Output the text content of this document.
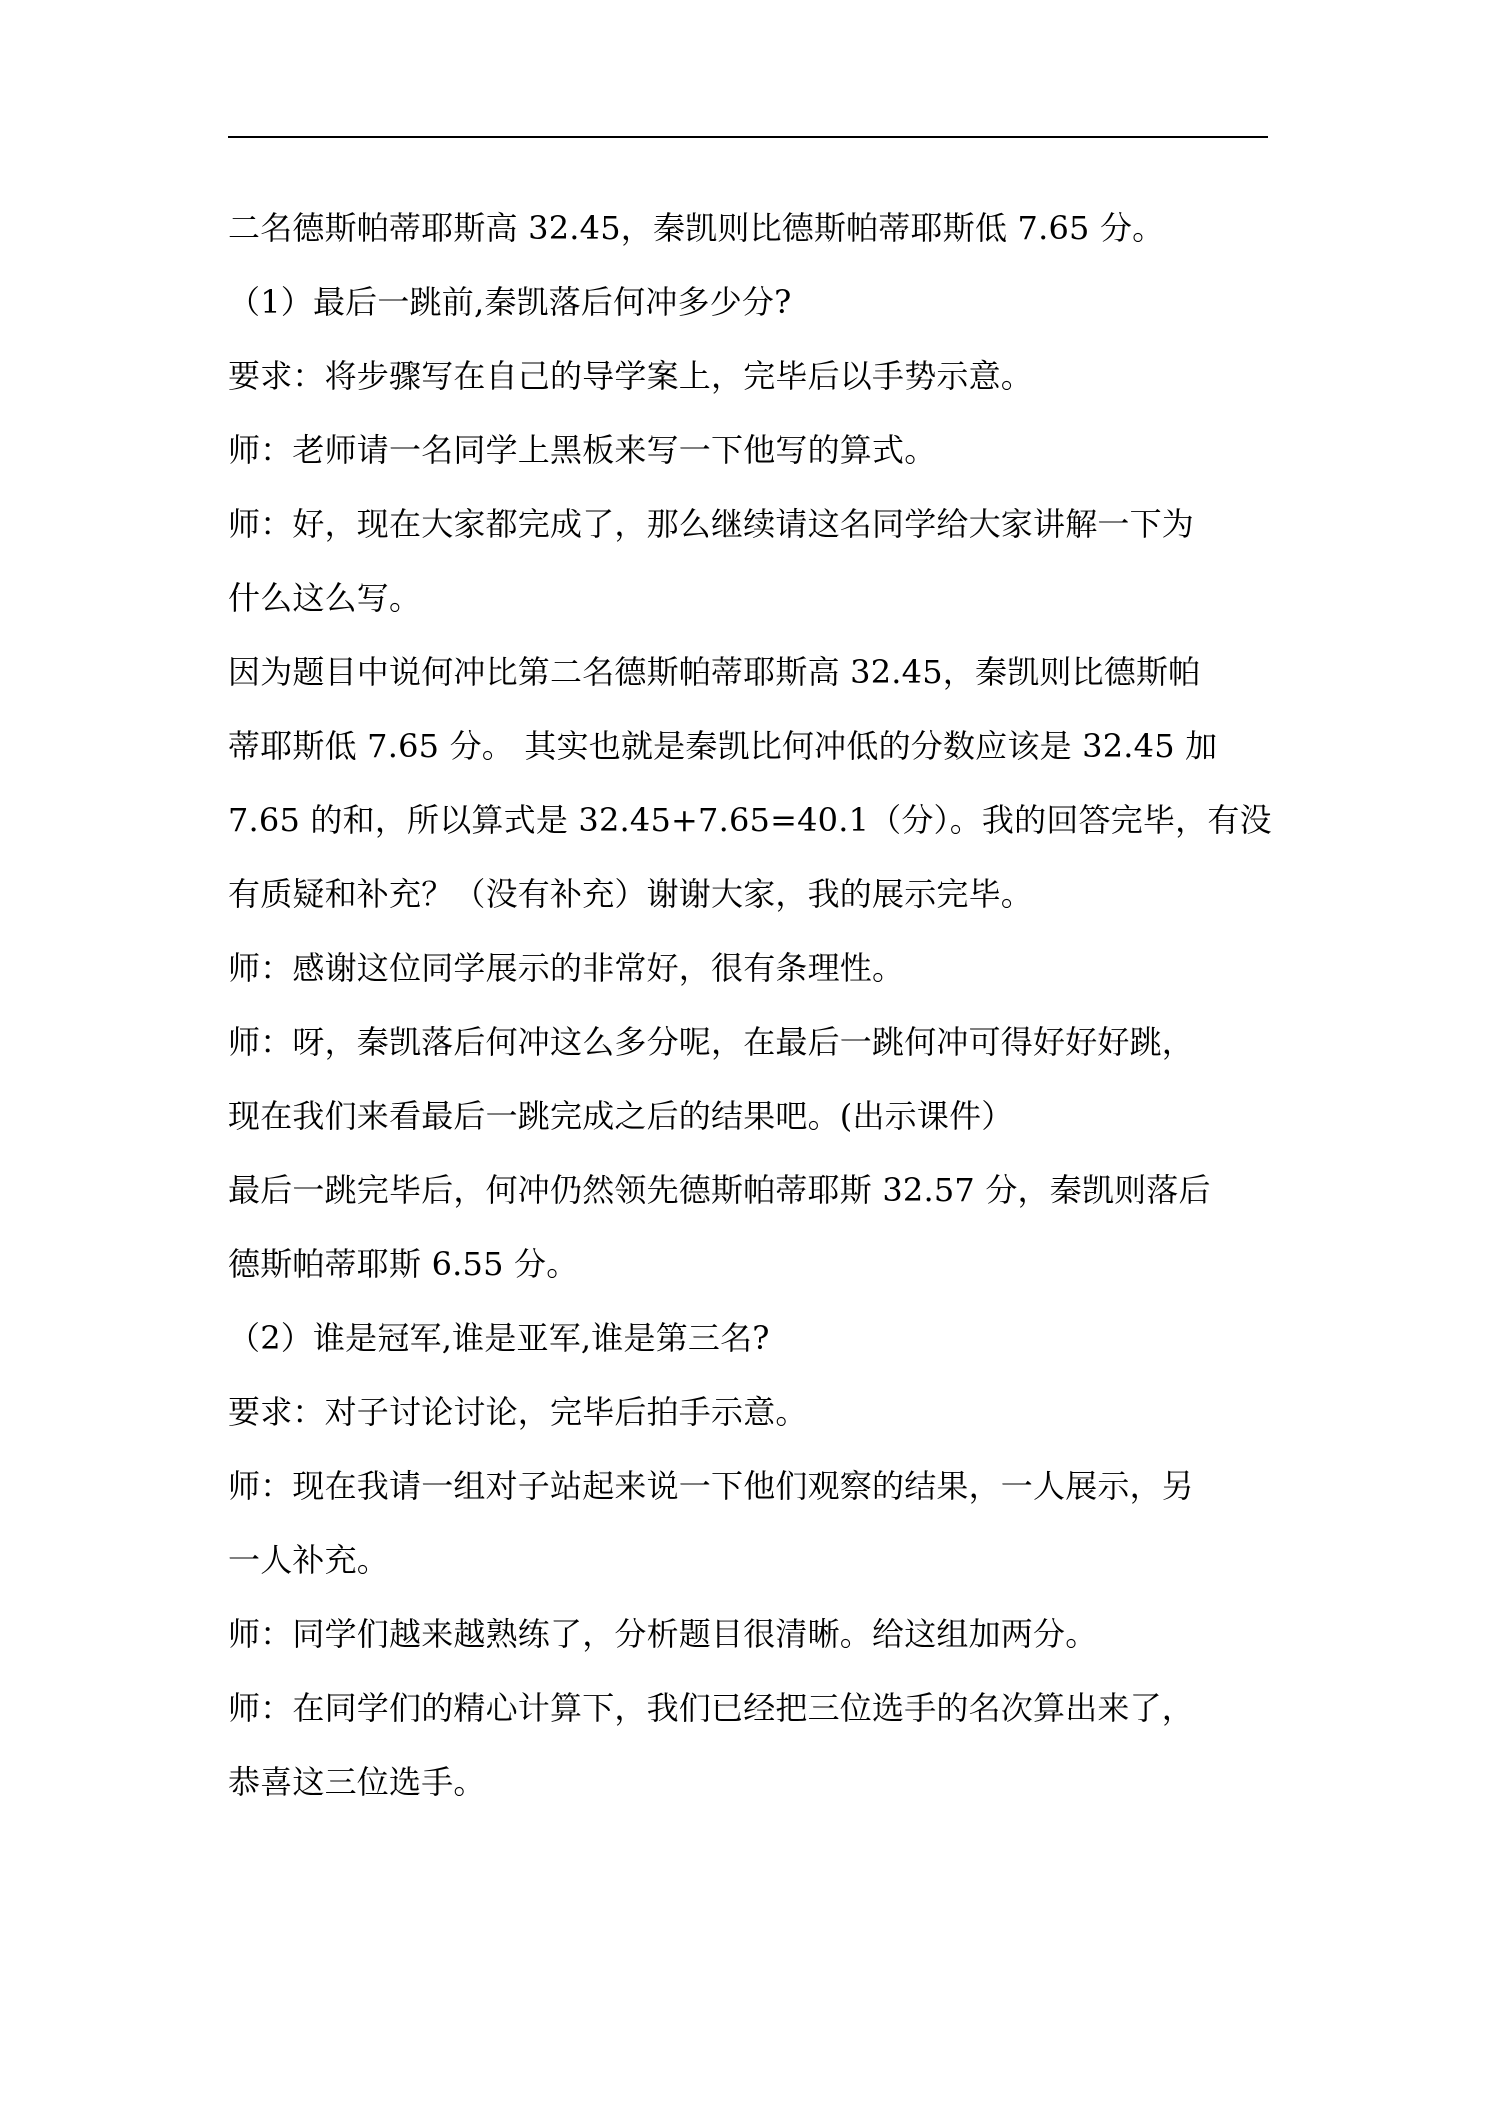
二名德斯帕蒂耶斯高 32.45，秦凯则比德斯帕蒂耶斯低 7.65 分。
（1）最后一跳前,秦凯落后何冲多少分?
要求：将步骤写在自己的导学案上，完毕后以手势示意。
师：老师请一名同学上黑板来写一下他写的算式。
师：好，现在大家都完成了，那么继续请这名同学给大家讲解一下为
什么这么写。
因为题目中说何冲比第二名德斯帕蒂耶斯高 32.45，秦凯则比德斯帕
蒂耶斯低 7.65 分。 其实也就是秦凯比何冲低的分数应该是 32.45 加
7.65 的和，所以算式是 32.45+7.65=40.1（分）。我的回答完毕，有没
有质疑和补充？（没有补充）谢谢大家，我的展示完毕。
师：感谢这位同学展示的非常好，很有条理性。
师：呀，秦凯落后何冲这么多分呢，在最后一跳何冲可得好好好跳，
现在我们来看最后一跳完成之后的结果吧。(出示课件）
最后一跳完毕后，何冲仍然领先德斯帕蒂耶斯 32.57 分，秦凯则落后
德斯帕蒂耶斯 6.55 分。
（2）谁是冠军,谁是亚军,谁是第三名?
要求：对子讨论讨论，完毕后拍手示意。
师：现在我请一组对子站起来说一下他们观察的结果，一人展示，另
一人补充。
师：同学们越来越熟练了，分析题目很清晰。给这组加两分。
师：在同学们的精心计算下，我们已经把三位选手的名次算出来了，
恭喜这三位选手。
